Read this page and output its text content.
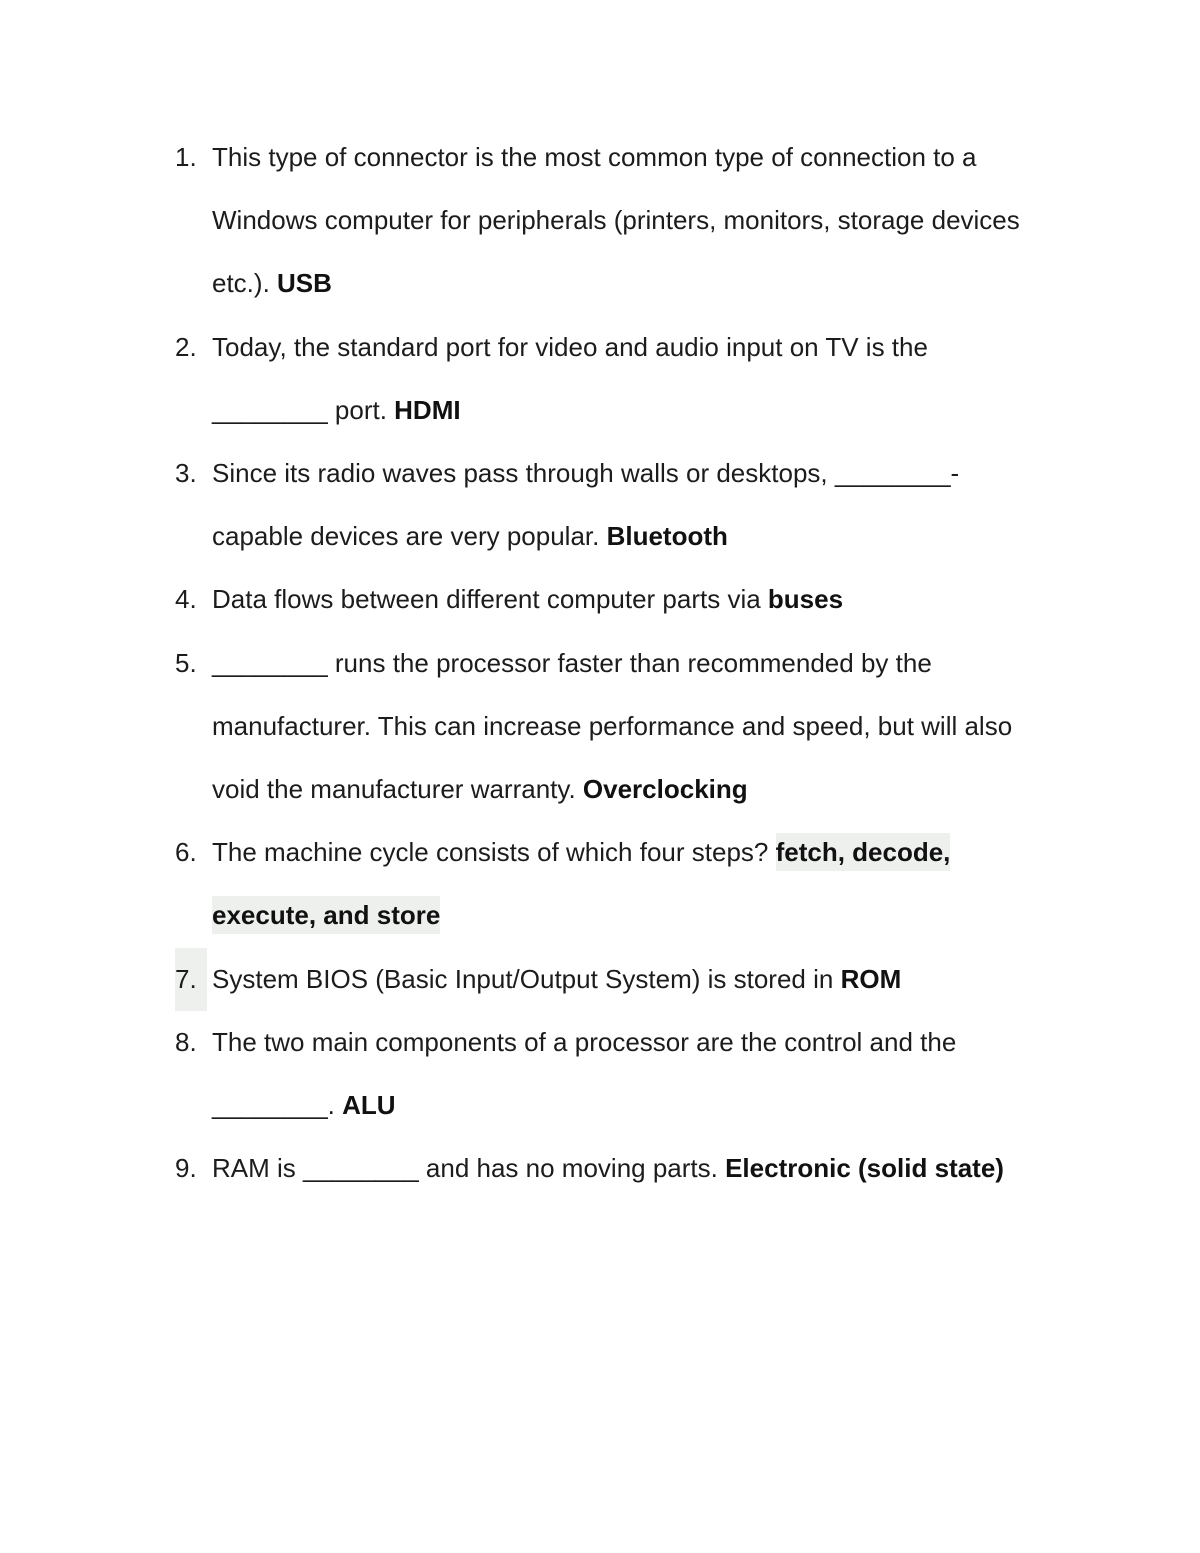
1. This type of connector is the most common type of connection to a Windows computer for peripherals (printers, monitors, storage devices etc.). USB
2. Today, the standard port for video and audio input on TV is the ________ port. HDMI
3. Since its radio waves pass through walls or desktops, ________-capable devices are very popular. Bluetooth
4. Data flows between different computer parts via buses
5. ________ runs the processor faster than recommended by the manufacturer. This can increase performance and speed, but will also void the manufacturer warranty. Overclocking
6. The machine cycle consists of which four steps? fetch, decode, execute, and store
7. System BIOS (Basic Input/Output System) is stored in ROM
8. The two main components of a processor are the control and the ________. ALU
9. RAM is ________ and has no moving parts. Electronic (solid state)
